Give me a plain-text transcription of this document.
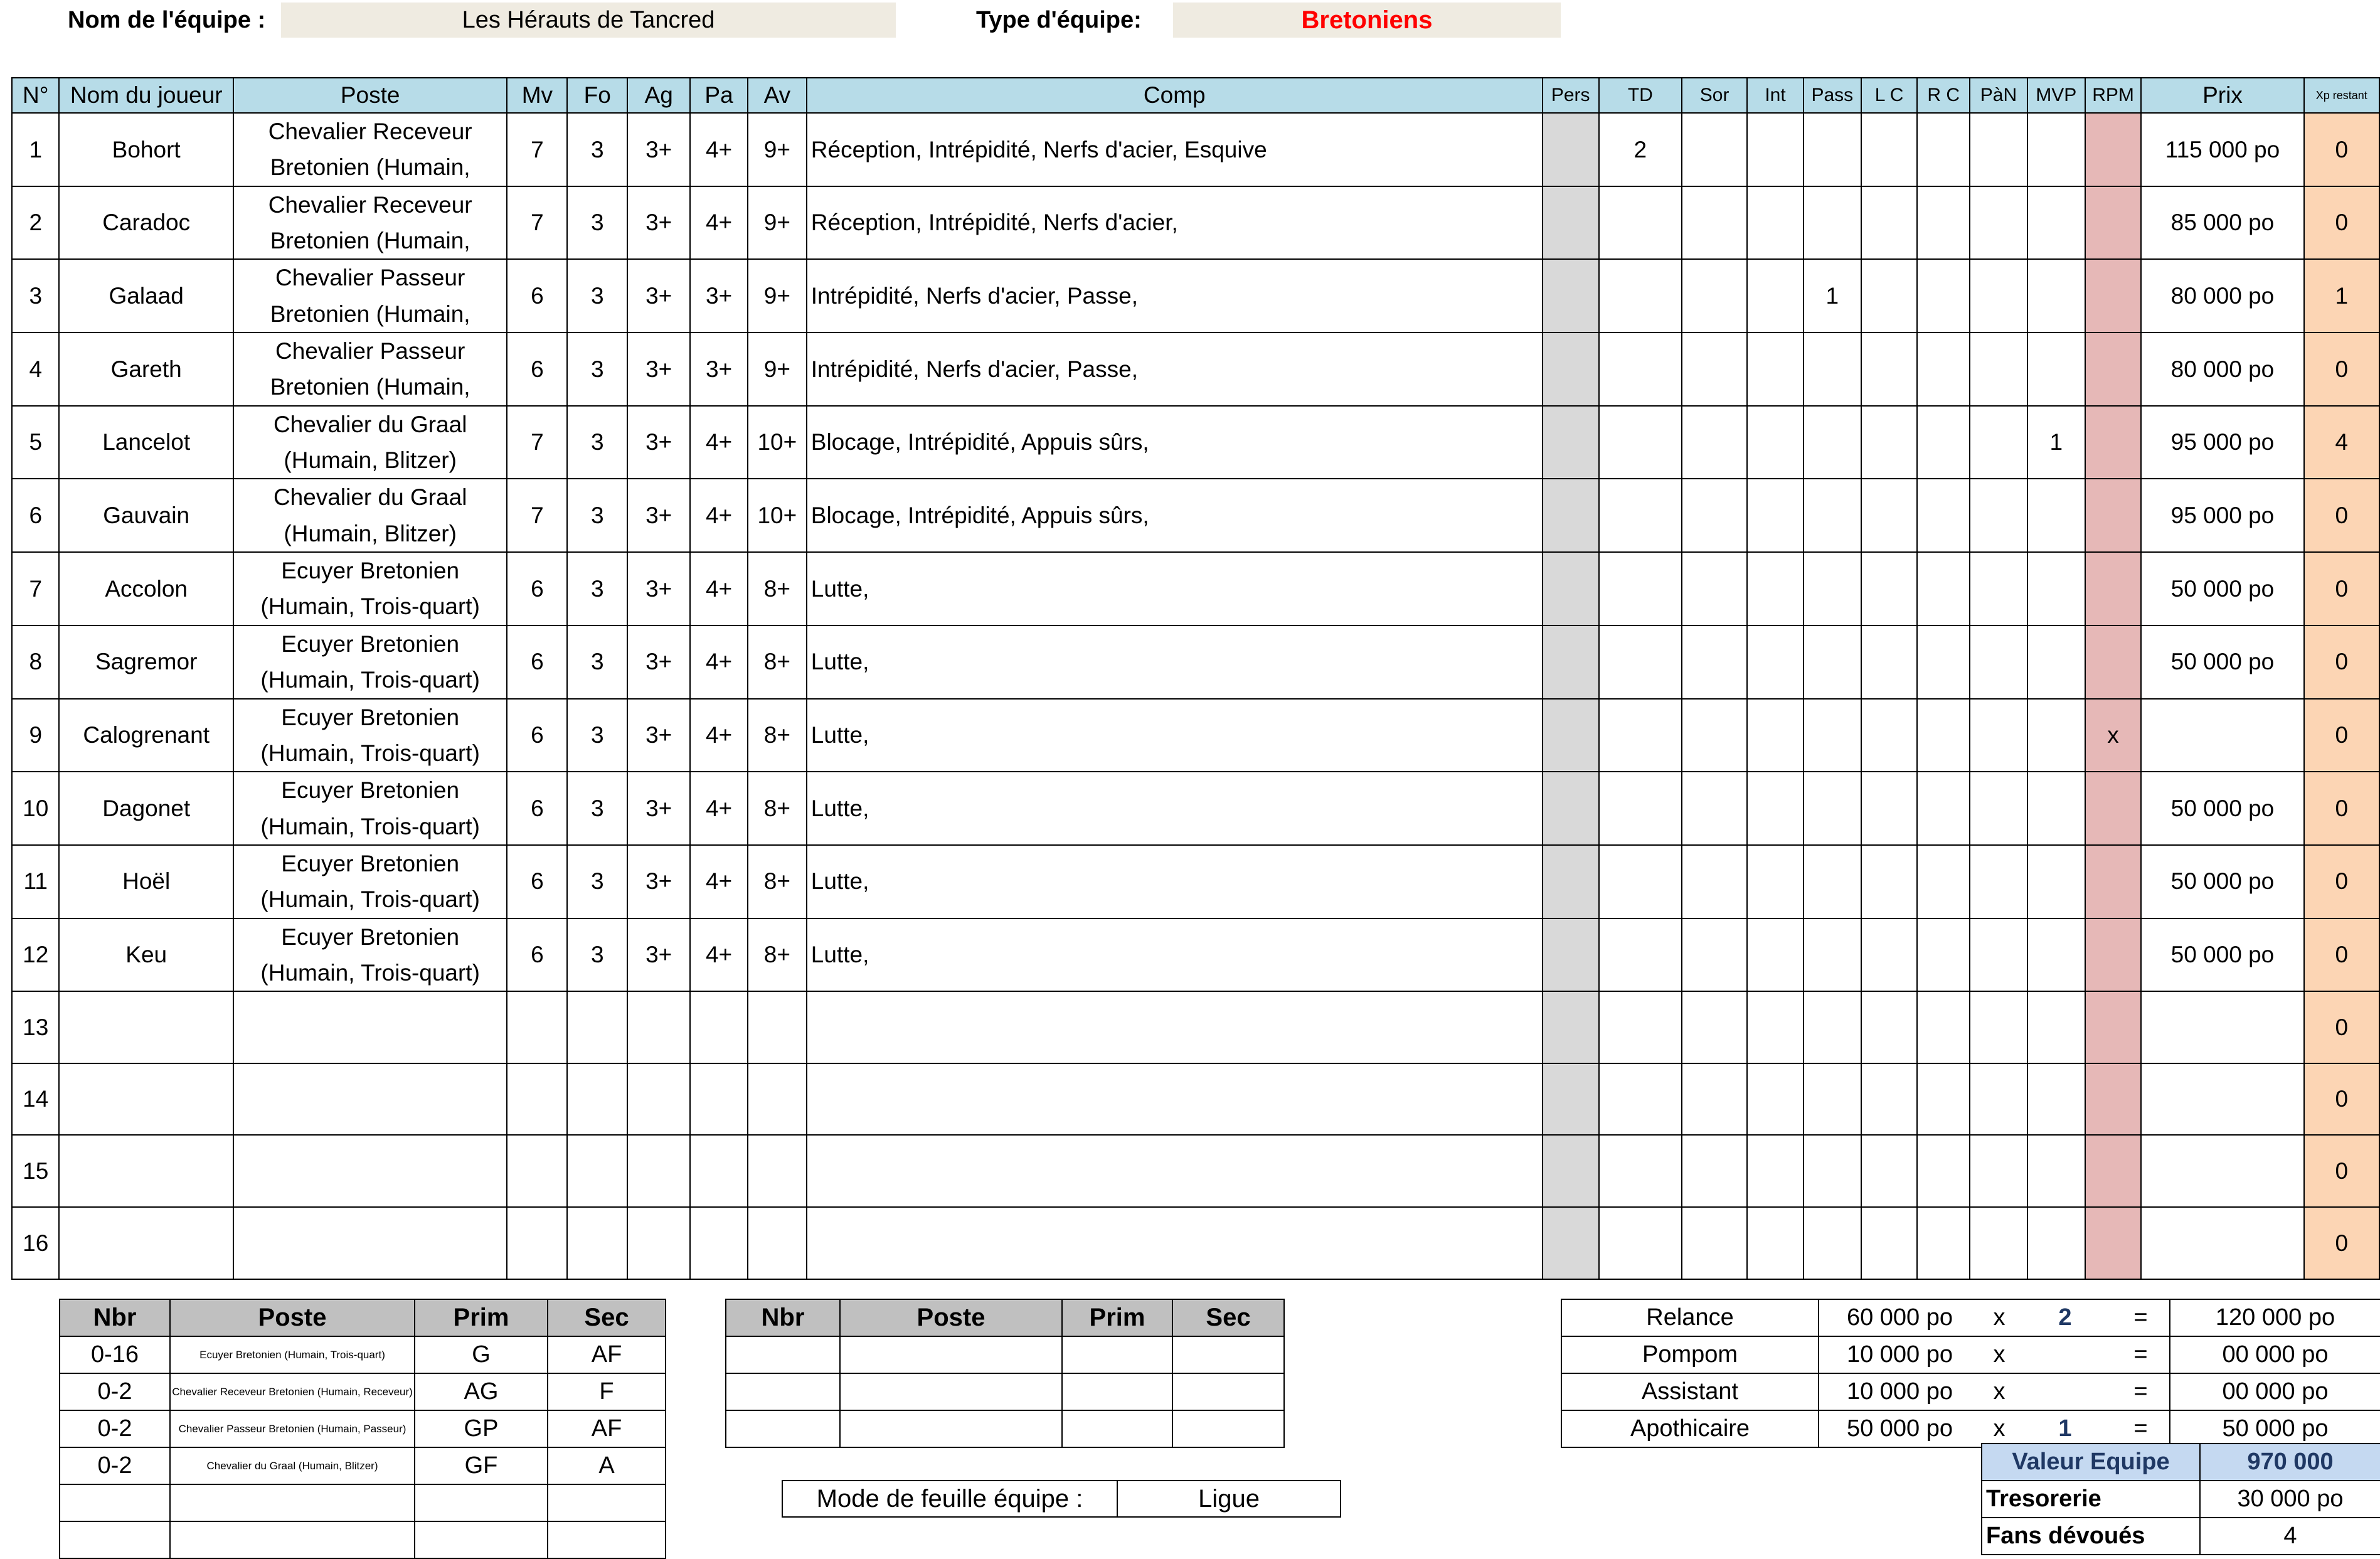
Nom de l'équipe :	Les Hérauts de Tancred	Type d'équipe:	Bretoniens
N°	Nom du joueur	Poste	Mv	Fo	Ag	Pa	Av	Comp	Pers	TD	Sor	Int	Pass	L C	R C	PàN	MVP	RPM	Prix	Xp restant
1	Bohort	Chevalier Receveur Bretonien (Humain,	7	3	3+	4+	9+	Réception, Intrépidité, Nerfs d'acier, Esquive		2									115 000 po	0
2	Caradoc	Chevalier Receveur Bretonien (Humain,	7	3	3+	4+	9+	Réception, Intrépidité, Nerfs d'acier,											85 000 po	0
3	Galaad	Chevalier Passeur Bretonien (Humain,	6	3	3+	3+	9+	Intrépidité, Nerfs d'acier, Passe,					1						80 000 po	1
4	Gareth	Chevalier Passeur Bretonien (Humain,	6	3	3+	3+	9+	Intrépidité, Nerfs d'acier, Passe,											80 000 po	0
5	Lancelot	Chevalier du Graal (Humain, Blitzer)	7	3	3+	4+	10+	Blocage, Intrépidité, Appuis sûrs,									1		95 000 po	4
6	Gauvain	Chevalier du Graal (Humain, Blitzer)	7	3	3+	4+	10+	Blocage, Intrépidité, Appuis sûrs,											95 000 po	0
7	Accolon	Ecuyer Bretonien (Humain, Trois-quart)	6	3	3+	4+	8+	Lutte,											50 000 po	0
8	Sagremor	Ecuyer Bretonien (Humain, Trois-quart)	6	3	3+	4+	8+	Lutte,											50 000 po	0
9	Calogrenant	Ecuyer Bretonien (Humain, Trois-quart)	6	3	3+	4+	8+	Lutte,										x		0
10	Dagonet	Ecuyer Bretonien (Humain, Trois-quart)	6	3	3+	4+	8+	Lutte,											50 000 po	0
11	Hoël	Ecuyer Bretonien (Humain, Trois-quart)	6	3	3+	4+	8+	Lutte,											50 000 po	0
12	Keu	Ecuyer Bretonien (Humain, Trois-quart)	6	3	3+	4+	8+	Lutte,											50 000 po	0
13																				0
14																				0
15																				0
16																				0
Nbr	Poste	Prim	Sec
0-16	Ecuyer Bretonien (Humain, Trois-quart)	G	AF
0-2	Chevalier Receveur Bretonien (Humain, Receveur)	AG	F
0-2	Chevalier Passeur Bretonien (Humain, Passeur)	GP	AF
0-2	Chevalier du Graal (Humain, Blitzer)	GF	A

Nbr	Poste	Prim	Sec

Mode de feuille équipe :	Ligue
Relance	60 000 po	x	2	=	120 000 po
Pompom	10 000 po	x		=	00 000 po
Assistant	10 000 po	x		=	00 000 po
Apothicaire	50 000 po	x	1	=	50 000 po
Valeur Equipe	970 000
Tresorerie	30 000 po
Fans dévoués	4
